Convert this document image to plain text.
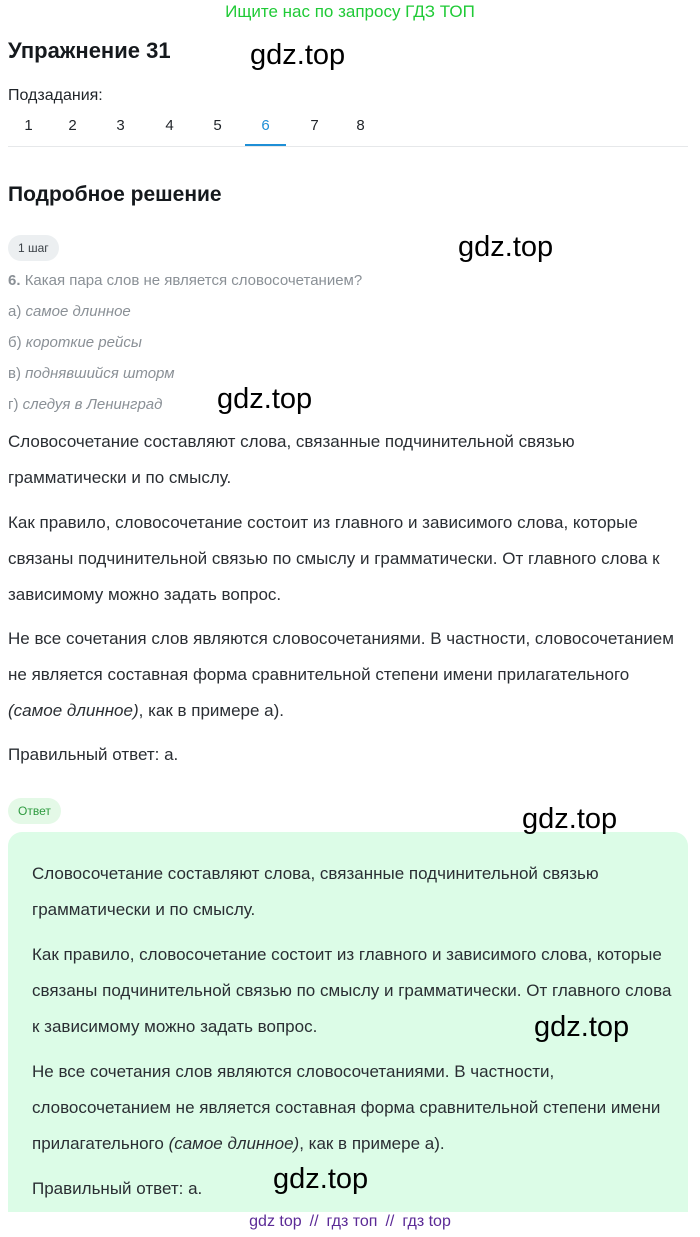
Ищите нас по запросу ГДЗ ТОП
Упражнение 31
Подзадания:
1	2	3	4	5	6	7	8
Подробное решение
1 шаг
6. Какая пара слов не является словосочетанием?
а) самое длинное
б) короткие рейсы
в) поднявшийся шторм
г) следуя в Ленинград
Словосочетание составляют слова, связанные подчинительной связью грамматически и по смыслу.
Как правило, словосочетание состоит из главного и зависимого слова, которые связаны подчинительной связью по смыслу и грамматически. От главного слова к зависимому можно задать вопрос.
Не все сочетания слов являются словосочетаниями. В частности, словосочетанием не является составная форма сравнительной степени имени прилагательного (самое длинное), как в примере а).
Правильный ответ: а.
Ответ
Словосочетание составляют слова, связанные подчинительной связью грамматически и по смыслу.
Как правило, словосочетание состоит из главного и зависимого слова, которые связаны подчинительной связью по смыслу и грамматически. От главного слова к зависимому можно задать вопрос.
Не все сочетания слов являются словосочетаниями. В частности, словосочетанием не является составная форма сравнительной степени имени прилагательного (самое длинное), как в примере а).
Правильный ответ: а.
gdz.top
gdz.top
gdz.top
gdz.top
gdz.top
gdz.top
gdz top // гдз топ // гдз top
